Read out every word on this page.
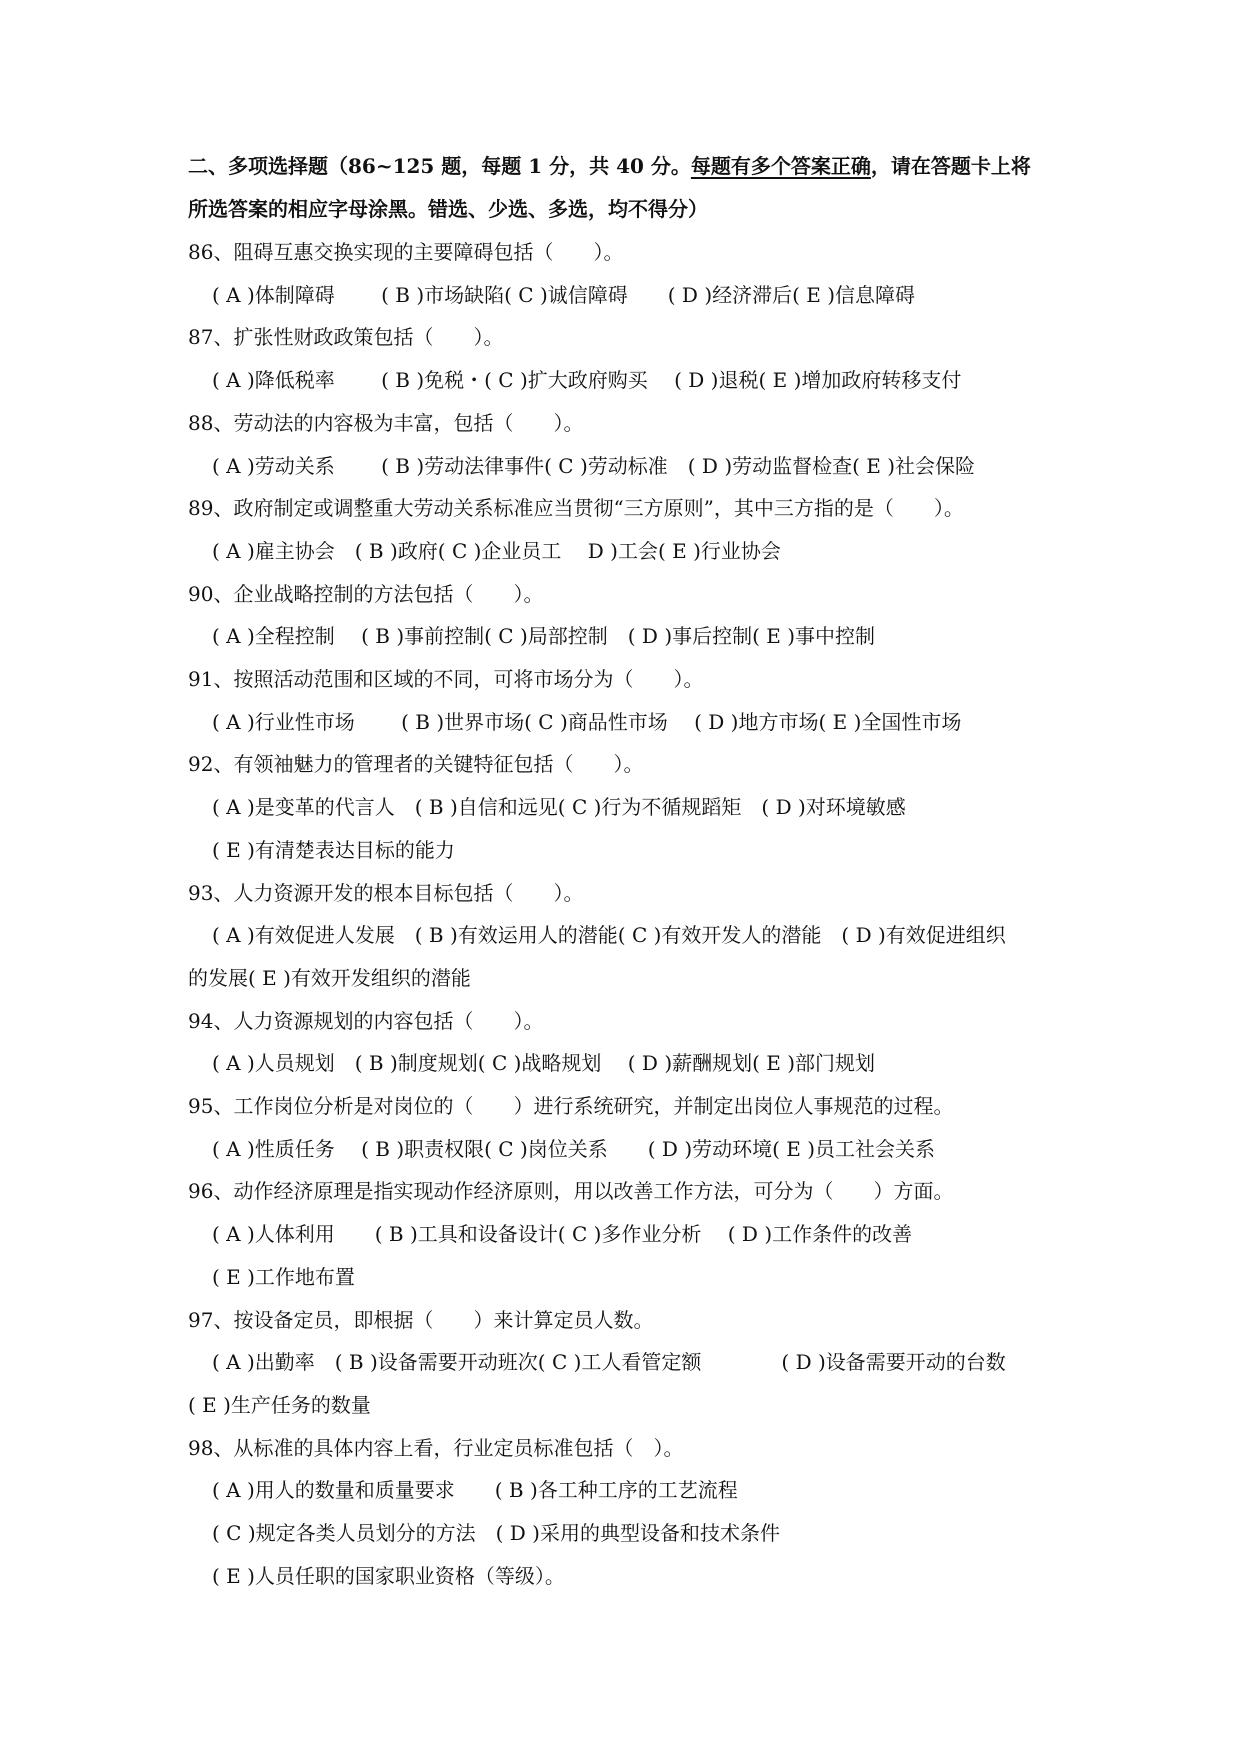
二、多项选择题（86~125 题，每题 1 分，共 40 分。每题有多个答案正确，请在答题卡上将
所选答案的相应字母涂黑。错选、少选、多选，均不得分）
86、阻碍互惠交换实现的主要障碍包括（　　）。
( A )体制障碍　　 ( B )市场缺陷( C )诚信障碍　　( D )经济滞后( E )信息障碍
87、扩张性财政政策包括（　　）。
( A )降低税率　　 ( B )免税・( C )扩大政府购买　 ( D )退税( E )增加政府转移支付
88、劳动法的内容极为丰富，包括（　　）。
( A )劳动关系　　 ( B )劳动法律事件( C )劳动标准　( D )劳动监督检查( E )社会保险
89、政府制定或调整重大劳动关系标准应当贯彻“三方原则”，其中三方指的是（　　）。
( A )雇主协会　( B )政府( C )企业员工　 D )工会( E )行业协会
90、企业战略控制的方法包括（　　）。
( A )全程控制　 ( B )事前控制( C )局部控制　( D )事后控制( E )事中控制
91、按照活动范围和区域的不同，可将市场分为（　　）。
( A )行业性市场　　 ( B )世界市场( C )商品性市场　 ( D )地方市场( E )全国性市场
92、有领袖魅力的管理者的关键特征包括（　　）。
( A )是变革的代言人　( B )自信和远见( C )行为不循规蹈矩　( D )对环境敏感
( E )有清楚表达目标的能力
93、人力资源开发的根本目标包括（　　）。
( A )有效促进人发展　( B )有效运用人的潜能( C )有效开发人的潜能　( D )有效促进组织
的发展( E )有效开发组织的潜能
94、人力资源规划的内容包括（　　）。
( A )人员规划　( B )制度规划( C )战略规划　 ( D )薪酬规划( E )部门规划
95、工作岗位分析是对岗位的（　　）进行系统研究，并制定出岗位人事规范的过程。
( A )性质任务　 ( B )职责权限( C )岗位关系　　( D )劳动环境( E )员工社会关系
96、动作经济原理是指实现动作经济原则，用以改善工作方法，可分为（　　）方面。
( A )人体利用　　( B )工具和设备设计( C )多作业分析　 ( D )工作条件的改善
( E )工作地布置
97、按设备定员，即根据（　　）来计算定员人数。
( A )出勤率　( B )设备需要开动班次( C )工人看管定额　　　　( D )设备需要开动的台数
( E )生产任务的数量
98、从标准的具体内容上看，行业定员标准包括（　）。
( A )用人的数量和质量要求　　( B )各工种工序的工艺流程
( C )规定各类人员划分的方法　( D )采用的典型设备和技术条件
( E )人员任职的国家职业资格（等级）。
